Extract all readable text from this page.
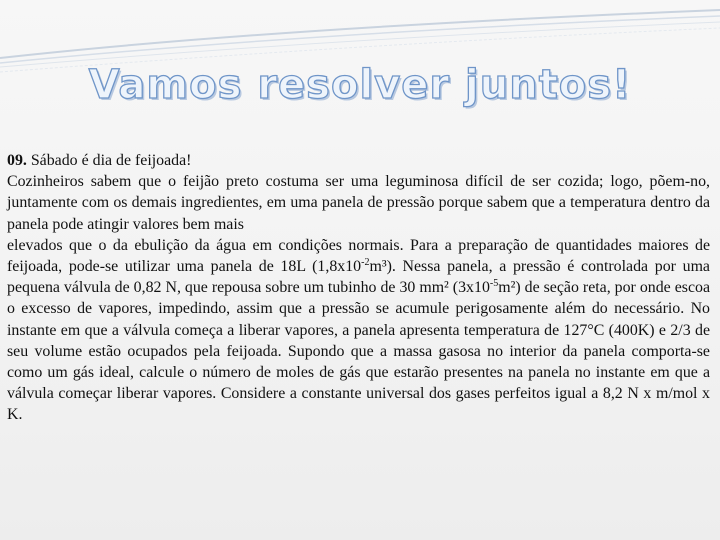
Vamos resolver juntos!

09. Sábado é dia de feijoada!

Cozinheiros sabem que o feijão preto costuma ser uma leguminosa difícil de ser cozida; logo, põem-no, juntamente com os demais ingredientes, em uma panela de pressão porque sabem que a temperatura dentro da panela pode atingir valores bem mais

elevados que o da ebulição da água em condições normais. Para a preparação de quantidades maiores de feijoada, pode-se utilizar uma panela de 18L $(1,8x10^{-2}m^3)$. Nessa panela, a pressão é controlada por uma pequena válvula de 0,82 N, que repousa sobre um tubinho de 30 mm² $(3x10^{-5}m^2)$ de seção reta, por onde escoa o excesso de vapores, impedindo, assim que a pressão se acumule perigosamente além do necessário. No instante em que a válvula começa a liberar vapores, a panela apresenta temperatura de 127°C (400K) e 2/3 de seu volume estão ocupados pela feijoada. Supondo que a massa gasosa no interior da panela comporta-se como um gás ideal, calcule o número de moles de gás que estarão presentes na panela no instante em que a válvula começar liberar vapores. Considere a constante universal dos gases perfeitos igual a 8,2 N x m/mol x K.
